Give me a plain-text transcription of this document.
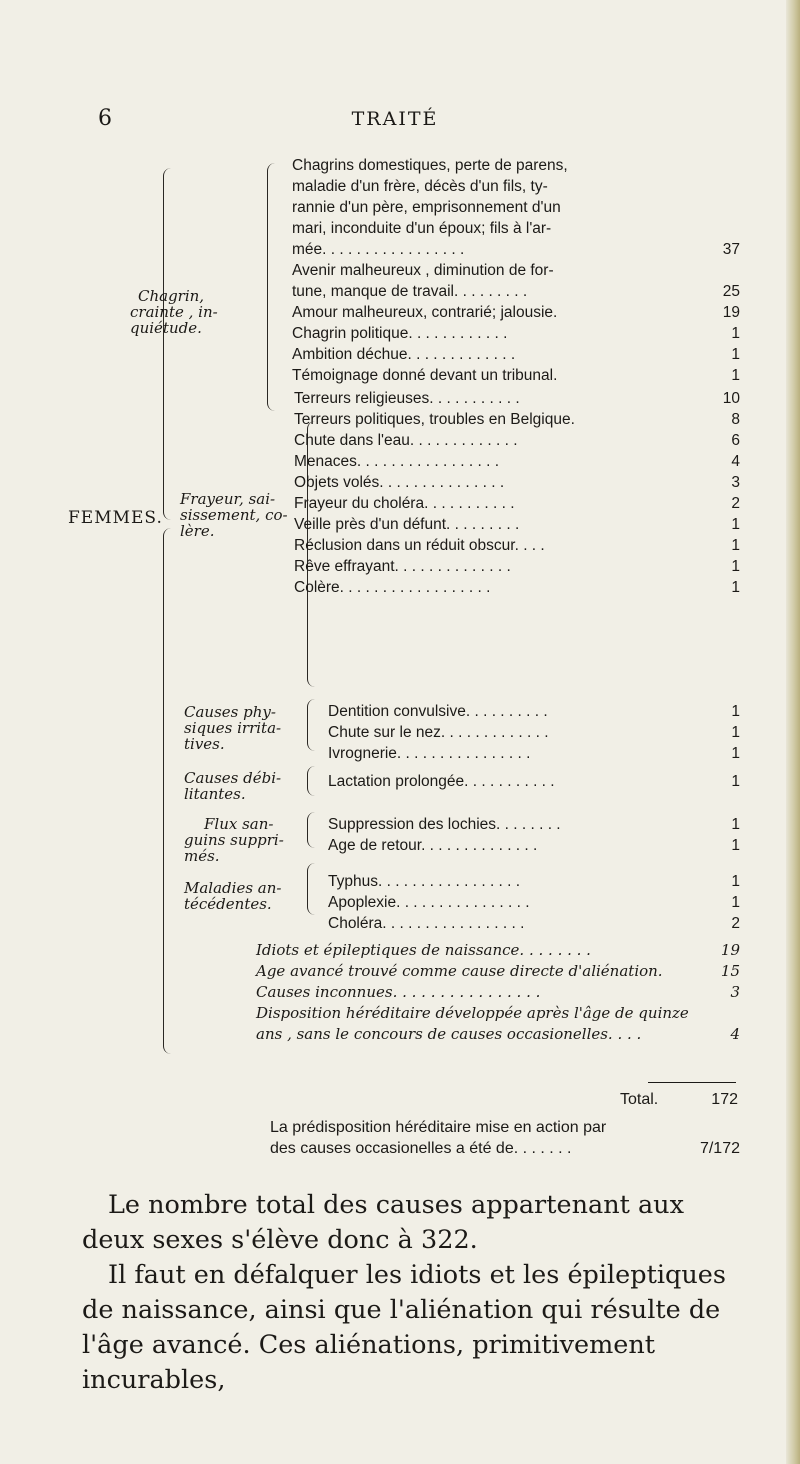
6	TRAITÉ
FEMMES.
Chagrin,
crainte , in-
quiétude.
Frayeur, sai-
sissement, co-
lère.
Causes phy-
siques irrita-
tives.
Causes débi-
litantes.
Flux san-
guins suppri-
més.
Maladies an-
técédentes.
Chagrins domestiques, perte de parens,
maladie d'un frère, décès d'un fils, ty-
rannie d'un père, emprisonnement d'un
mari, inconduite d'un époux; fils à l'ar-
mée. . . . . . . . . . . . . . . . .	37
Avenir malheureux , diminution de for-
tune, manque de travail. . . . . . . . .	25
Amour malheureux, contrarié; jalousie.	19
Chagrin politique. . . . . . . . . . . .	1
Ambition déchue. . . . . . . . . . . . .	1
Témoignage donné devant un tribunal.	1
Terreurs religieuses. . . . . . . . . . .	10
Terreurs politiques, troubles en Belgique.	8
Chute dans l'eau. . . . . . . . . . . . .	6
Menaces. . . . . . . . . . . . . . . . .	4
Objets volés. . . . . . . . . . . . . . .	3
Frayeur du choléra. . . . . . . . . . .	2
Veille près d'un défunt. . . . . . . . .	1
Réclusion dans un réduit obscur. . . .	1
Rêve effrayant. . . . . . . . . . . . . .	1
Colère. . . . . . . . . . . . . . . . . .	1
Dentition convulsive. . . . . . . . . .	1
Chute sur le nez. . . . . . . . . . . . .	1
Ivrognerie. . . . . . . . . . . . . . . .	1
Lactation prolongée. . . . . . . . . . .	1
Suppression des lochies. . . . . . . .	1
Age de retour. . . . . . . . . . . . . .	1
Typhus. . . . . . . . . . . . . . . . .	1
Apoplexie. . . . . . . . . . . . . . . .	1
Choléra. . . . . . . . . . . . . . . . .	2
Idiots et épileptiques de naissance. . . . . . . .	19
Age avancé trouvé comme cause directe d'aliénation.	15
Causes inconnues. . . . . . . . . . . . . . . .	3
Disposition héréditaire développée après l'âge de quinze
ans , sans le concours de causes occasionelles. . . .	4
Total.	172
La prédisposition héréditaire mise en action par
des causes occasionelles a été de. . . . . . .	7/172
Le nombre total des causes appartenant aux deux sexes s'élève donc à 322.
Il faut en défalquer les idiots et les épileptiques de naissance, ainsi que l'aliénation qui résulte de l'âge avancé. Ces aliénations, primitivement incurables,
